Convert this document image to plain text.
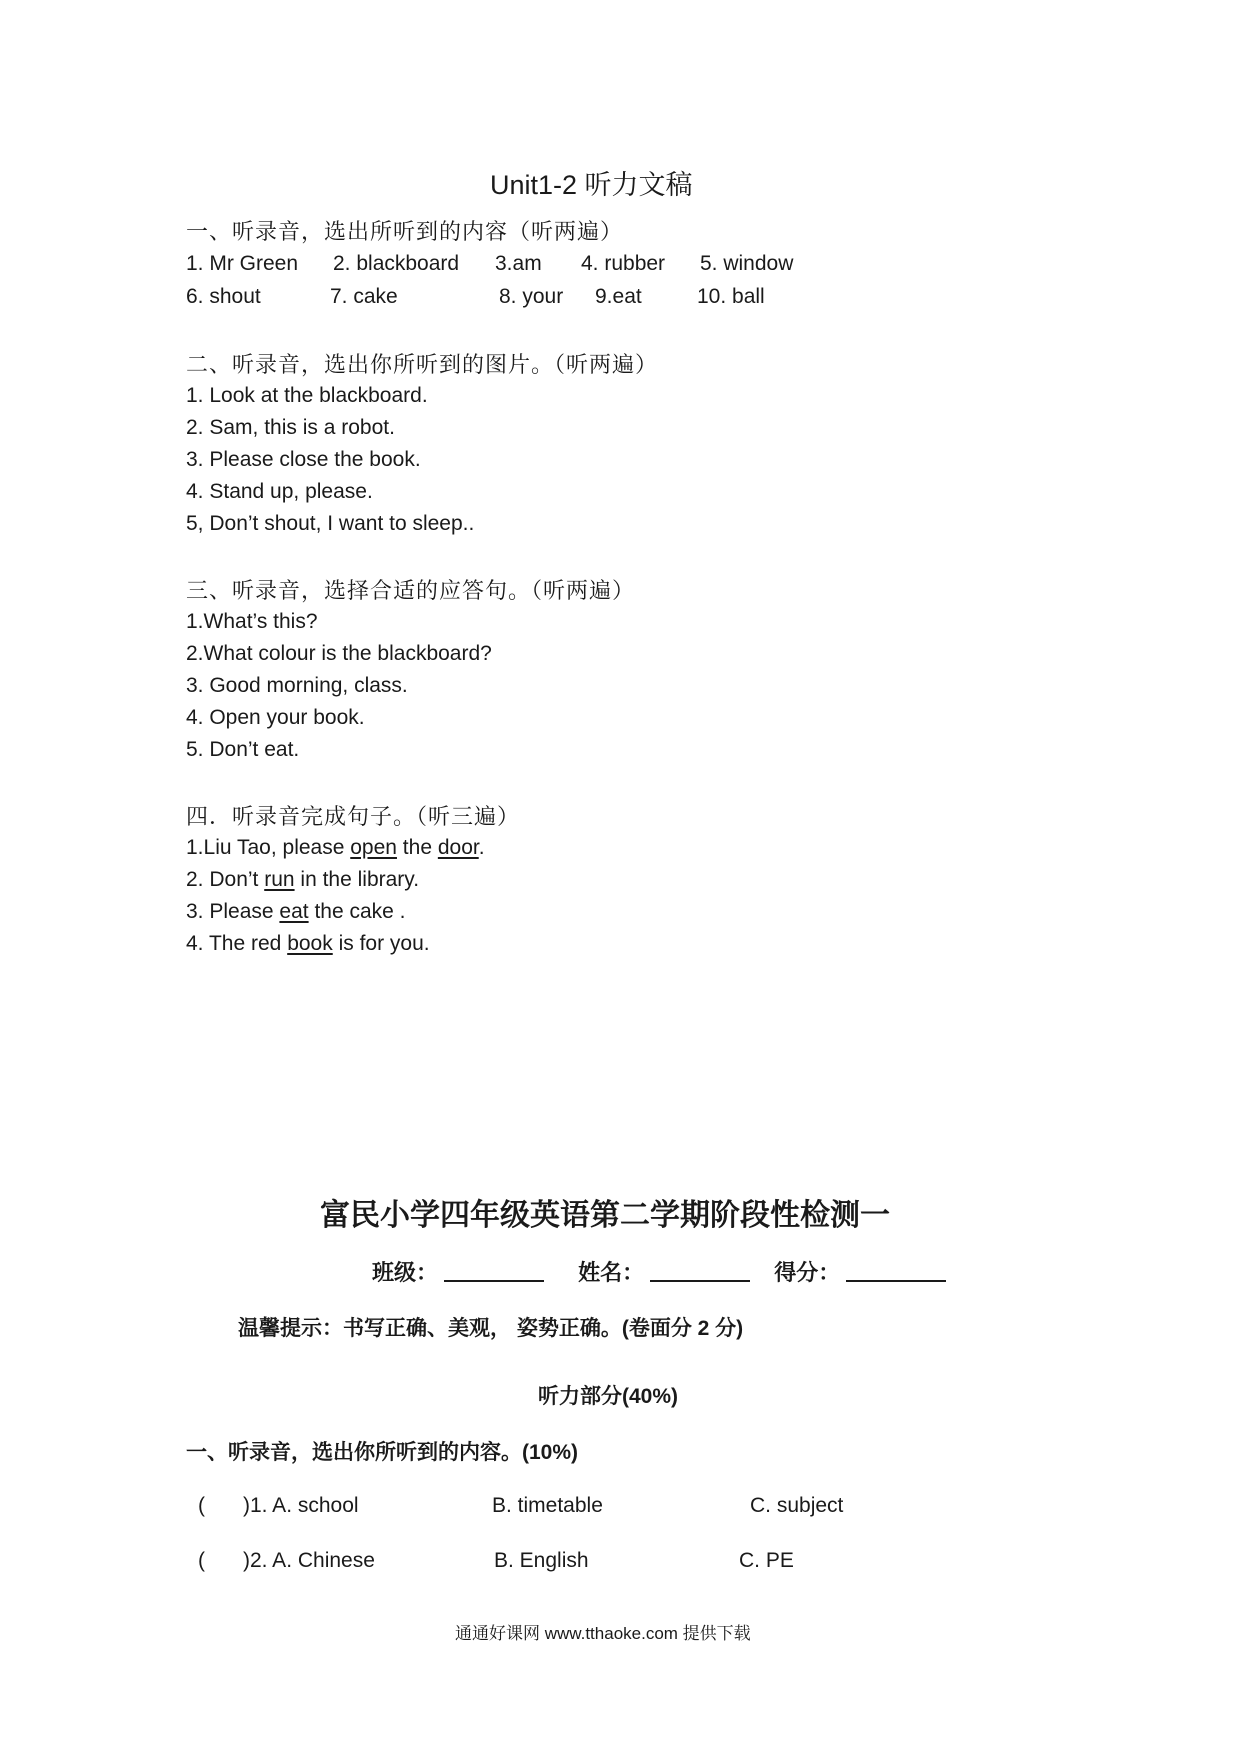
Unit1-2 听力文稿
一、听录音，选出所听到的内容（听两遍）
1. Mr Green 2. blackboard 3.am 4. rubber 5. window
6. shout	7. cake	8. your 9.eat	10. ball
二、听录音，选出你所听到的图片。（听两遍）
1. Look at the blackboard.
2. Sam, this is a robot.
3. Please close the book.
4. Stand up, please.
5, Don’t shout, I want to sleep..
三、听录音，选择合适的应答句。（听两遍）
1.What’s this?
2.What colour is the blackboard?
3. Good morning, class.
4. Open your book.
5. Don’t eat.
四．听录音完成句子。（听三遍）
1.Liu Tao, please open the door.
2. Don’t run in the library.
3. Please eat the cake .
4. The red book is for you.
富民小学四年级英语第二学期阶段性检测一
班级：	姓名：	得分：
温馨提示：书写正确、美观， 姿势正确。(卷面分 2 分)
听力部分(40%)
一、听录音，选出你所听到的内容。(10%)
( )1. A. school	B. timetable	C. subject
( )2. A. Chinese	B. English	C. PE
通通好课网 www.tthaoke.com 提供下载
